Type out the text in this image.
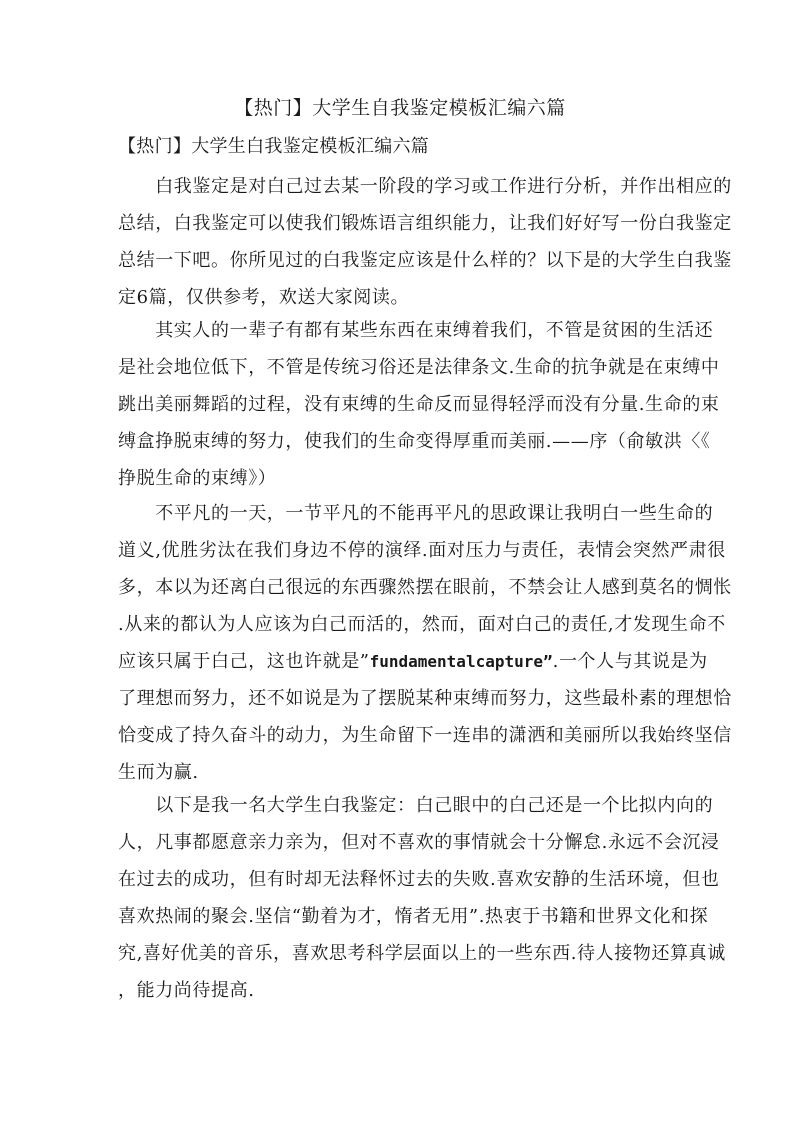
【热门】大学生自我鉴定模板汇编六篇
【热门】大学生白我鉴定模板汇编六篇
　　白我鉴定是对白己过去某一阶段的学习或工作进行分析，并作出相应的
总结，白我鉴定可以使我们锻炼语言组织能力，让我们好好写一份白我鉴定
总结一下吧。你所见过的白我鉴定应该是什么样的？以下是的大学生白我鉴
定6篇，仅供参考，欢送大家阅读。
　　其实人的一辈子有都有某些东西在束缚着我们，不管是贫困的生活还
是社会地位低下，不管是传统习俗还是法律条文.生命的抗争就是在束缚中
跳出美丽舞蹈的过程，没有束缚的生命反而显得轻浮而没有分量.生命的束
缚盒挣脱束缚的努力，使我们的生命变得厚重而美丽.——序（俞敏洪〈《
挣脱生命的束缚》）
　　不平凡的一天，一节平凡的不能再平凡的思政课让我明白一些生命的
道义,优胜劣汰在我们身边不停的演绎.面对压力与责任，表情会突然严肃很
多，本以为还离白己很远的东西骤然摆在眼前，不禁会让人感到莫名的惆怅
.从来的都认为人应该为白己而活的，然而，面对白己的责任,才发现生命不
应该只属于白己，这也许就是”fundamentalcapture”.一个人与其说是为
了理想而努力，还不如说是为了摆脱某种束缚而努力，这些最朴素的理想恰
恰变成了持久奋斗的动力，为生命留下一连串的潇洒和美丽所以我始终坚信
生而为赢.
　　以下是我一名大学生白我鉴定：白己眼中的白己还是一个比拟内向的
人，凡事都愿意亲力亲为，但对不喜欢的事情就会十分懈怠.永远不会沉浸
在过去的成功，但有时却无法释怀过去的失败.喜欢安静的生活环境，但也
喜欢热闹的聚会.坚信“勤着为才，惰者无用”.热衷于书籍和世界文化和探
究,喜好优美的音乐，喜欢思考科学层面以上的一些东西.待人接物还算真诚
，能力尚待提高.
